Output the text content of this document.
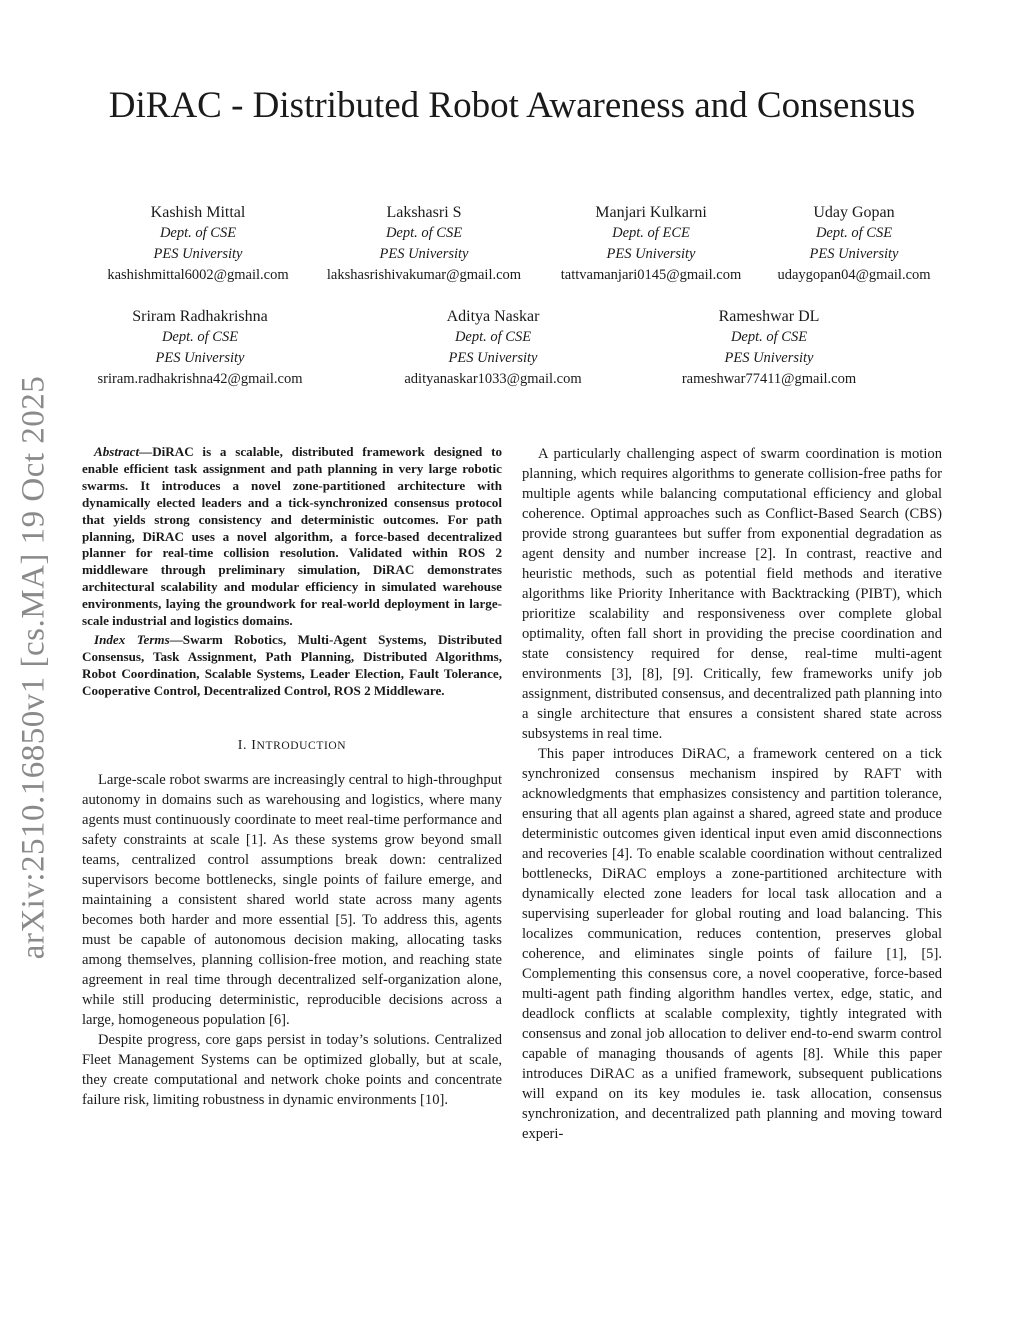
arXiv:2510.16850v1 [cs.MA] 19 Oct 2025
DiRAC - Distributed Robot Awareness and Consensus
Kashish Mittal
Dept. of CSE
PES University
kashishmittal6002@gmail.com
Lakshasri S
Dept. of CSE
PES University
lakshasrishivakumar@gmail.com
Manjari Kulkarni
Dept. of ECE
PES University
tattvamanjari0145@gmail.com
Uday Gopan
Dept. of CSE
PES University
udaygopan04@gmail.com
Sriram Radhakrishna
Dept. of CSE
PES University
sriram.radhakrishna42@gmail.com
Aditya Naskar
Dept. of CSE
PES University
adityanaskar1033@gmail.com
Rameshwar DL
Dept. of CSE
PES University
rameshwar77411@gmail.com

Abstract—DiRAC is a scalable, distributed framework designed to enable efficient task assignment and path planning in very large robotic swarms. It introduces a novel zone-partitioned architecture with dynamically elected leaders and a tick-synchronized consensus protocol that yields strong consistency and deterministic outcomes. For path planning, DiRAC uses a novel algorithm, a force-based decentralized planner for real-time collision resolution. Validated within ROS 2 middleware through preliminary simulation, DiRAC demonstrates architectural scalability and modular efficiency in simulated warehouse environments, laying the groundwork for real-world deployment in large-scale industrial and logistics domains.

Index Terms—Swarm Robotics, Multi-Agent Systems, Distributed Consensus, Task Assignment, Path Planning, Distributed Algorithms, Robot Coordination, Scalable Systems, Leader Election, Fault Tolerance, Cooperative Control, Decentralized Control, ROS 2 Middleware.

I. INTRODUCTION

Large-scale robot swarms are increasingly central to high-throughput autonomy in domains such as warehousing and logistics, where many agents must continuously coordinate to meet real-time performance and safety constraints at scale [1]. As these systems grow beyond small teams, centralized control assumptions break down: centralized supervisors become bottlenecks, single points of failure emerge, and maintaining a consistent shared world state across many agents becomes both harder and more essential [5]. To address this, agents must be capable of autonomous decision making, allocating tasks among themselves, planning collision-free motion, and reaching state agreement in real time through decentralized self-organization alone, while still producing deterministic, reproducible decisions across a large, homogeneous population [6].

Despite progress, core gaps persist in today’s solutions. Centralized Fleet Management Systems can be optimized globally, but at scale, they create computational and network choke points and concentrate failure risk, limiting robustness in dynamic environments [10].

A particularly challenging aspect of swarm coordination is motion planning, which requires algorithms to generate collision-free paths for multiple agents while balancing computational efficiency and global coherence. Optimal approaches such as Conflict-Based Search (CBS) provide strong guarantees but suffer from exponential degradation as agent density and number increase [2]. In contrast, reactive and heuristic methods, such as potential field methods and iterative algorithms like Priority Inheritance with Backtracking (PIBT), which prioritize scalability and responsiveness over complete global optimality, often fall short in providing the precise coordination and state consistency required for dense, real-time multi-agent environments [3], [8], [9]. Critically, few frameworks unify job assignment, distributed consensus, and decentralized path planning into a single architecture that ensures a consistent shared state across subsystems in real time.

This paper introduces DiRAC, a framework centered on a tick synchronized consensus mechanism inspired by RAFT with acknowledgments that emphasizes consistency and partition tolerance, ensuring that all agents plan against a shared, agreed state and produce deterministic outcomes given identical input even amid disconnections and recoveries [4]. To enable scalable coordination without centralized bottlenecks, DiRAC employs a zone-partitioned architecture with dynamically elected zone leaders for local task allocation and a supervising superleader for global routing and load balancing. This localizes communication, reduces contention, preserves global coherence, and eliminates single points of failure [1], [5]. Complementing this consensus core, a novel cooperative, force-based multi-agent path finding algorithm handles vertex, edge, static, and deadlock conflicts at scalable complexity, tightly integrated with consensus and zonal job allocation to deliver end-to-end swarm control capable of managing thousands of agents [8]. While this paper introduces DiRAC as a unified framework, subsequent publications will expand on its key modules ie. task allocation, consensus synchronization, and decentralized path planning and moving toward experi-
